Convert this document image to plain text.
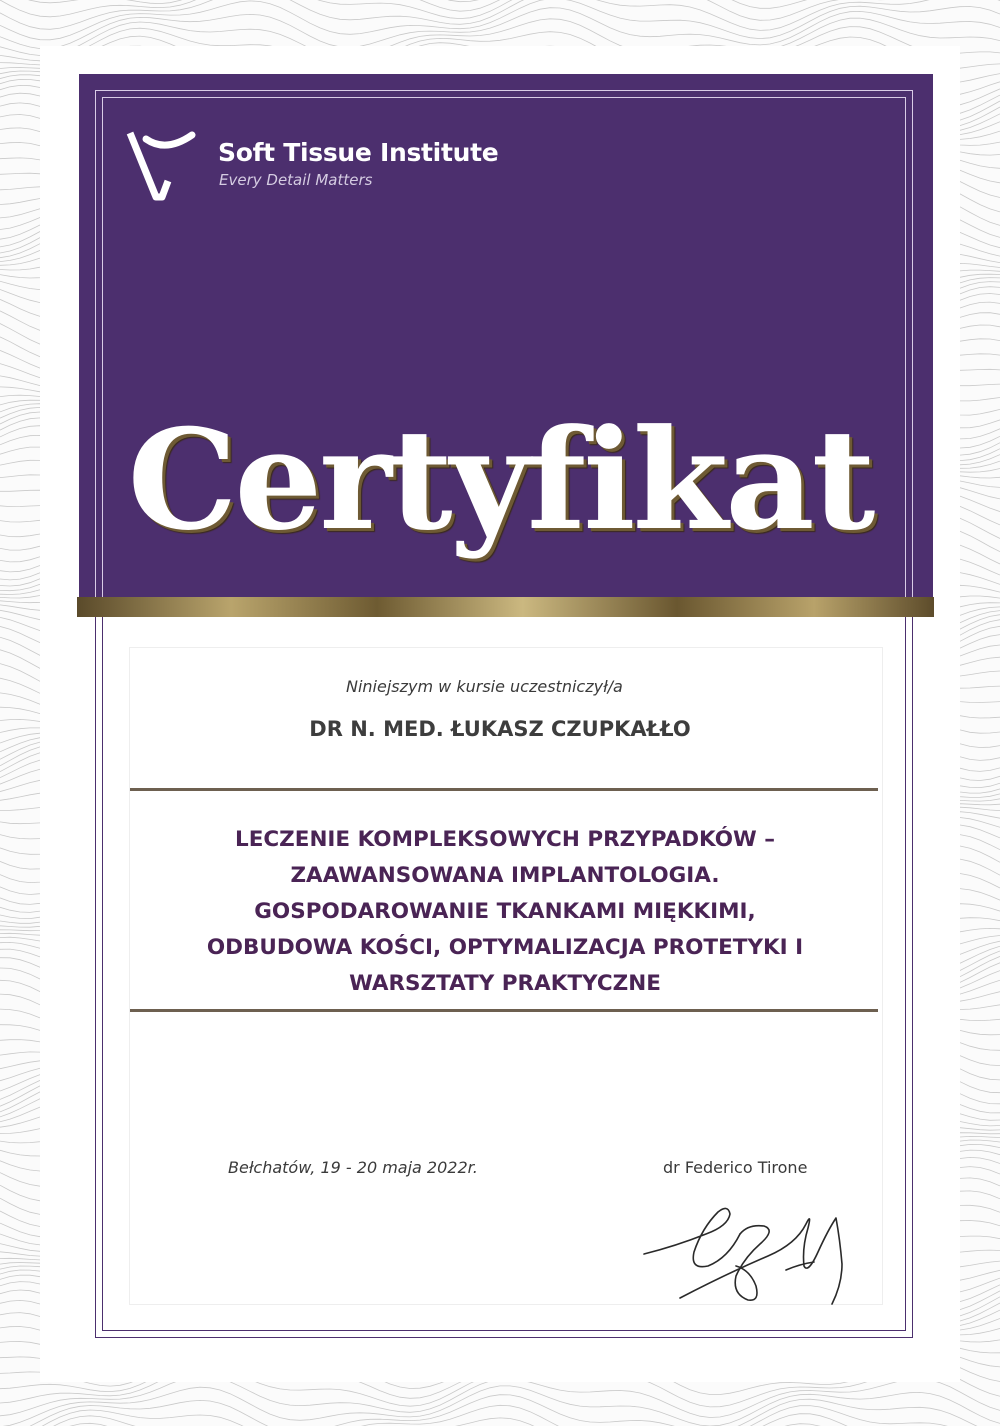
Soft Tissue Institute
Every Detail Matters
Certyfikat
Niniejszym w kursie uczestniczył/a
DR N. MED. ŁUKASZ CZUPKAŁŁO
LECZENIE KOMPLEKSOWYCH PRZYPADKÓW –
ZAAWANSOWANA IMPLANTOLOGIA.
GOSPODAROWANIE TKANKAMI MIĘKKIMI,
ODBUDOWA KOŚCI, OPTYMALIZACJA PROTETYKI I
WARSZTATY PRAKTYCZNE
Bełchatów, 19 - 20 maja 2022r.	dr Federico Tirone
